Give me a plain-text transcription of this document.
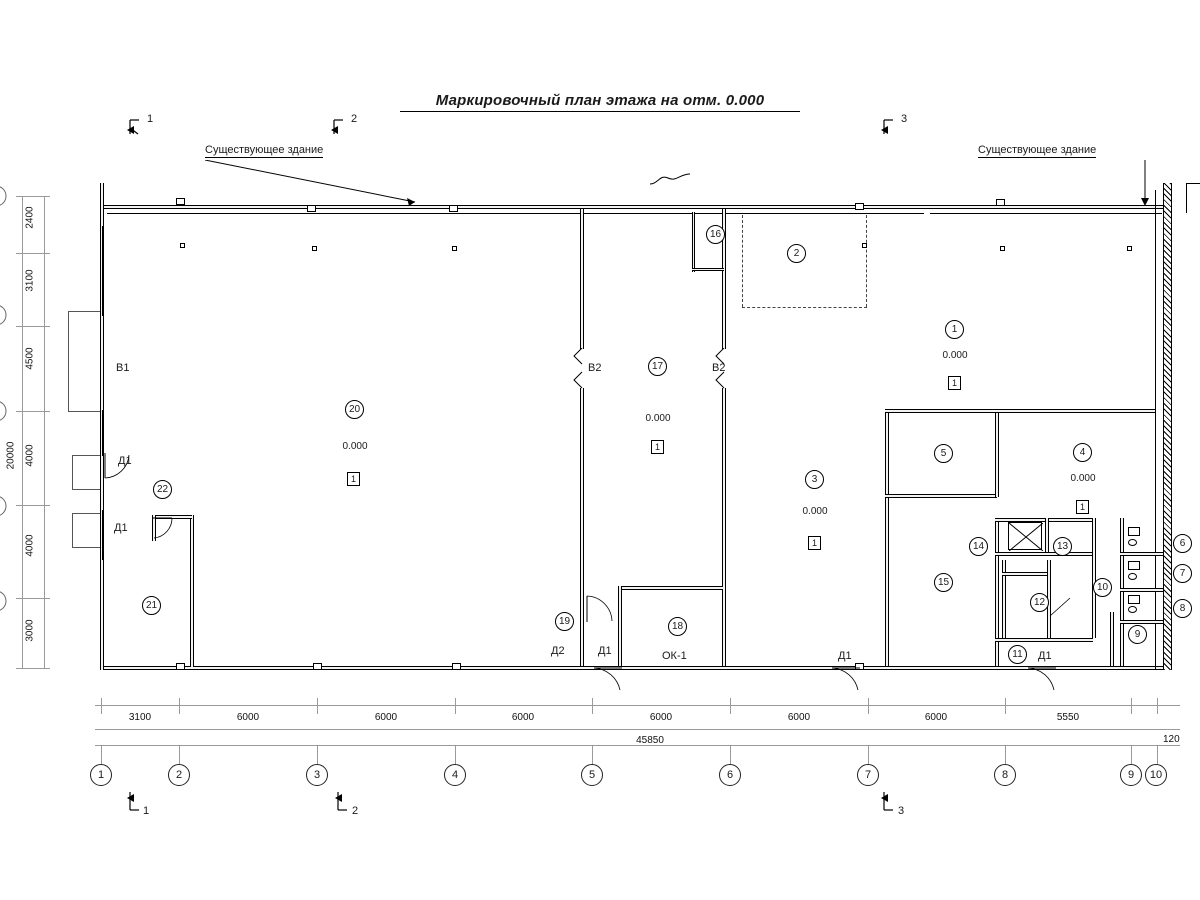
Маркировочный план этажа на отм. 0.000
1	2	3
Существующее здание	Существующее здание
2400
3100
4500
4000
4000
3000
20000
20
0.000
1
17
0.000
1
3
0.000
1
1
0.000
1
4
0.000
1
2
16
5
15
14	13
12
11
10
6
7
8
9
18
19
21
22
В1	В2	В2
Д1
Д1
Д2	Д1	ОК-1	Д1	Д1
3100	6000	6000	6000	6000	6000	6000	5550
120
45850
1	2	3	4	5	6	7	8	9	10
1	2	3
